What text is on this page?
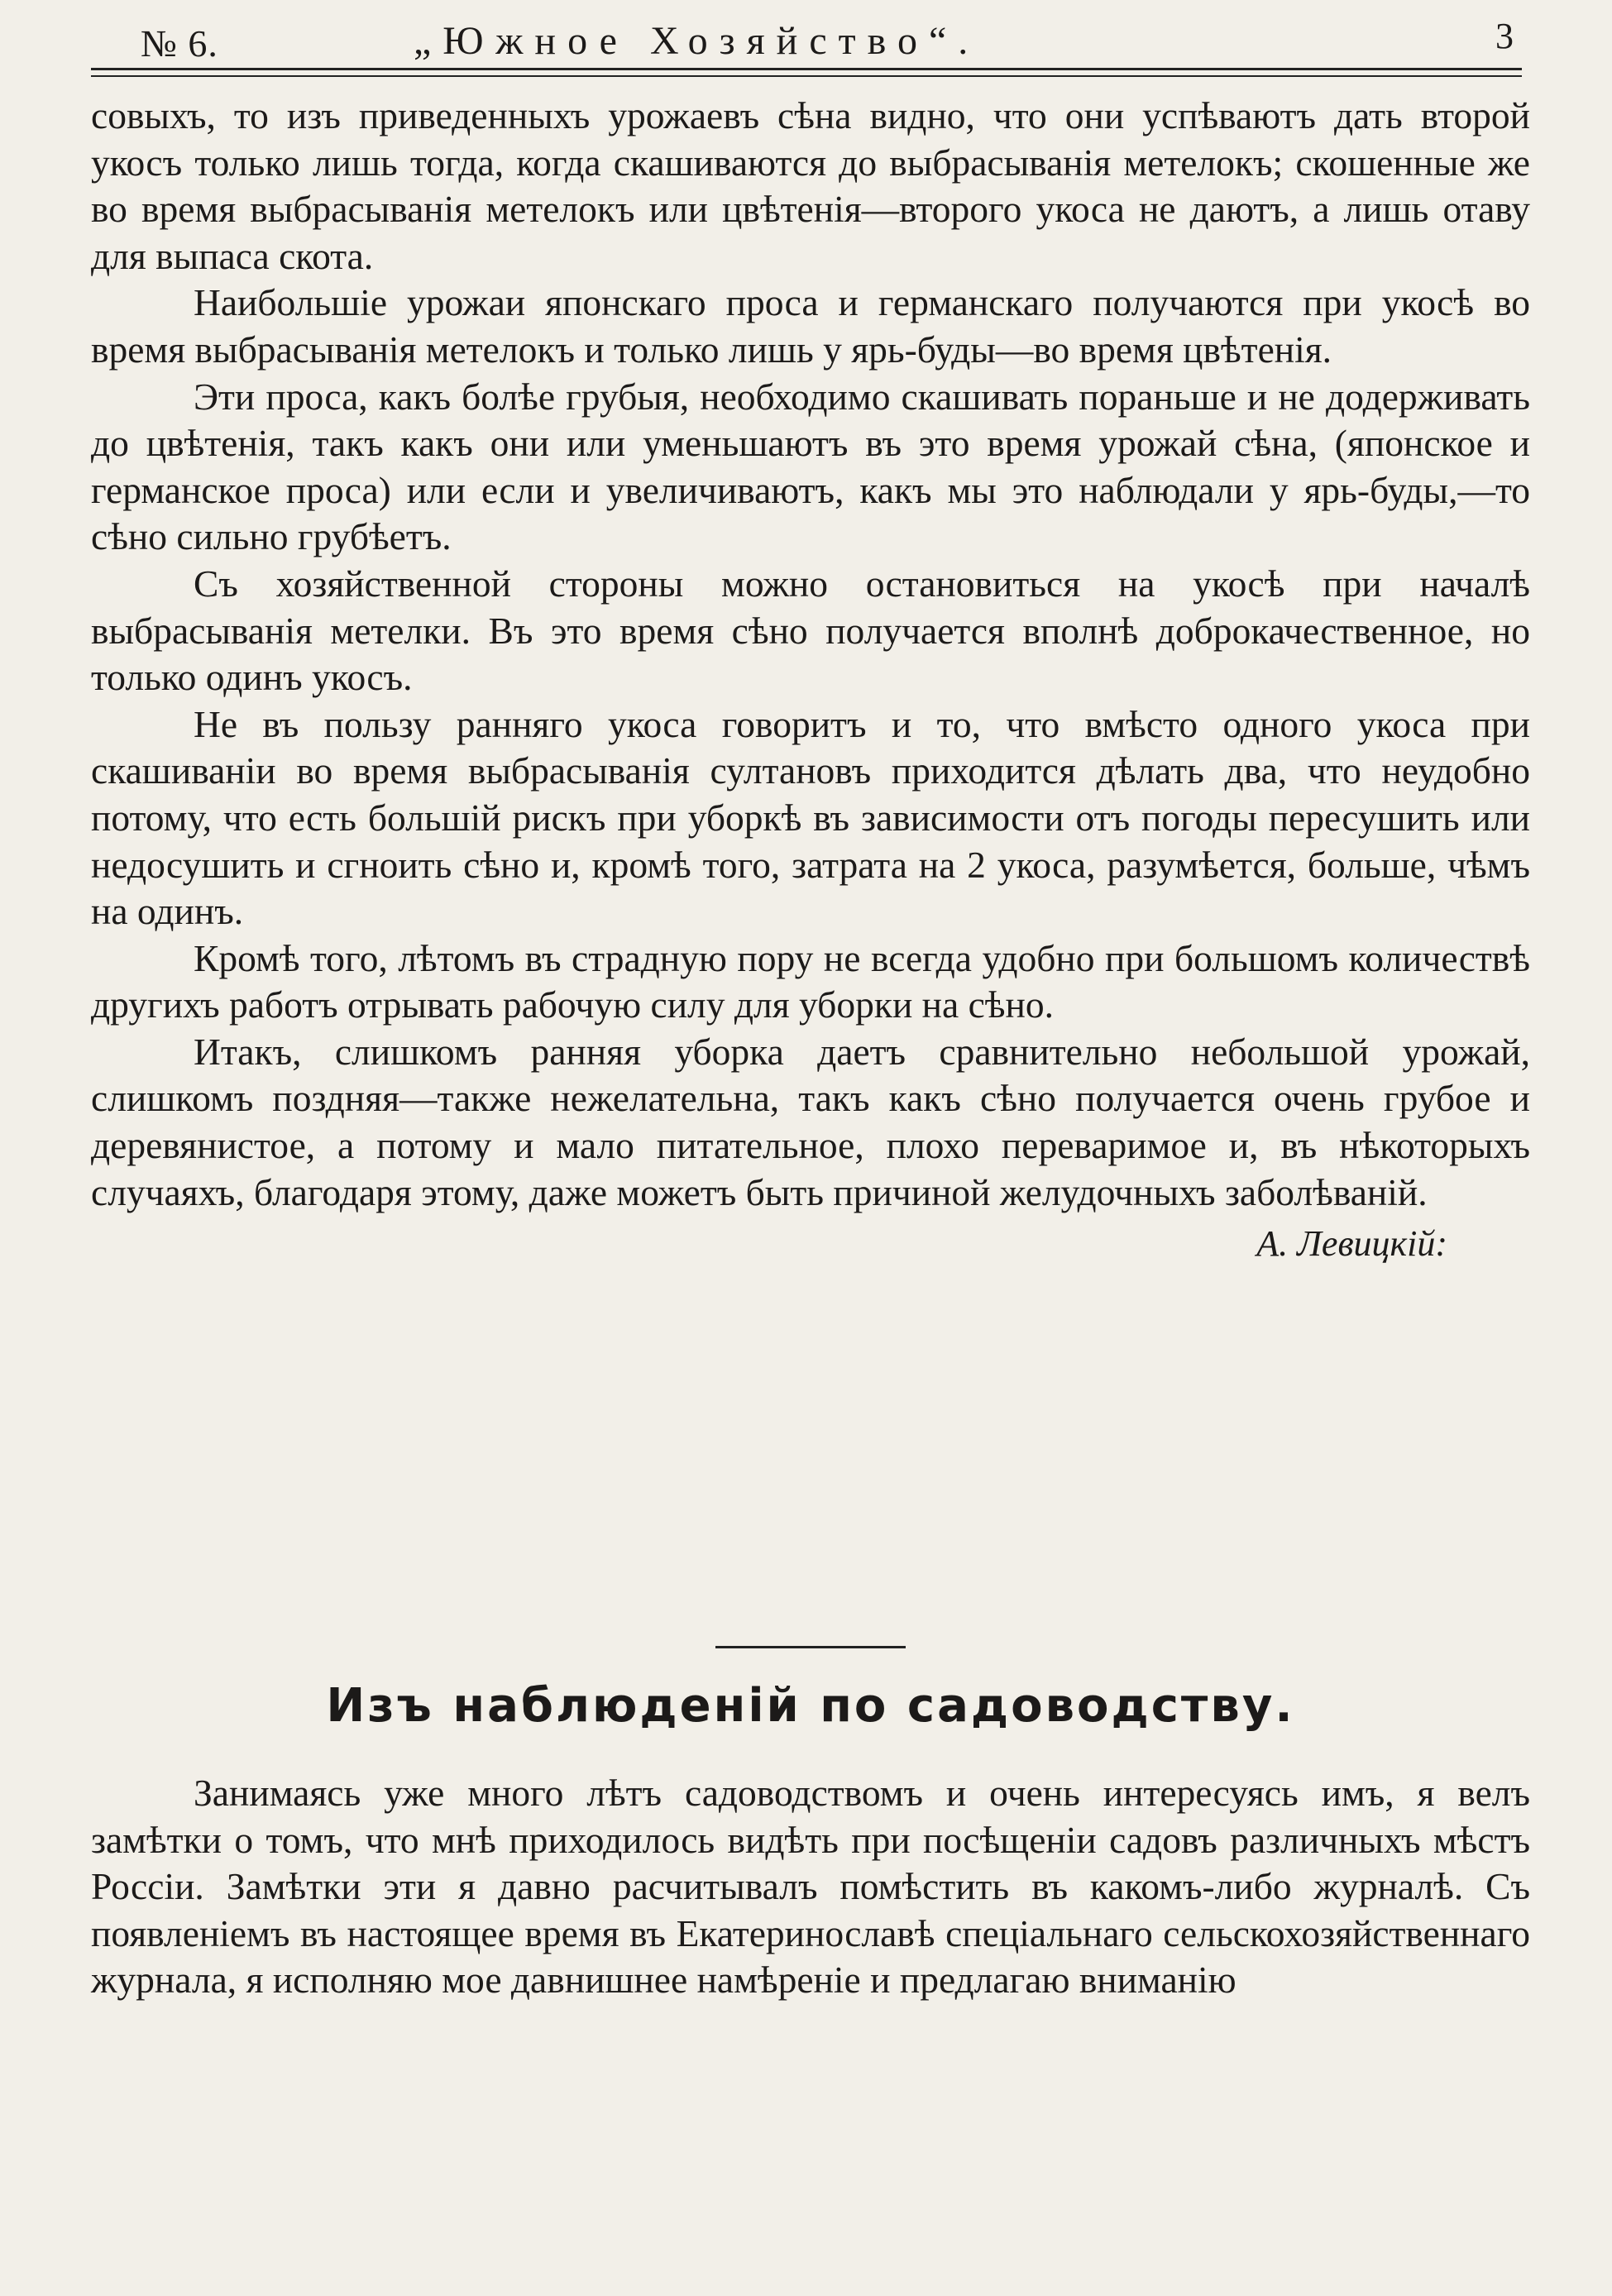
№ 6.	„Южное Хозяйство“.	3

совыхъ, то изъ приведенныхъ урожаевъ сѣна видно, что они успѣваютъ дать второй укосъ только лишь тогда, когда скашиваются до выбрасыванія метелокъ; скошенные же во время выбрасыванія метелокъ или цвѣтенія—второго укоса не даютъ, а лишь отаву для выпаса скота.

Наибольшіе урожаи японскаго проса и германскаго получаются при укосѣ во время выбрасыванія метелокъ и только лишь у ярь-буды—во время цвѣтенія.

Эти проса, какъ болѣе грубыя, необходимо скашивать пораньше и не додерживать до цвѣтенія, такъ какъ они или уменьшаютъ въ это время урожай сѣна, (японское и германское проса) или если и увеличиваютъ, какъ мы это наблюдали у ярь-буды,—то сѣно сильно грубѣетъ.

Съ хозяйственной стороны можно остановиться на укосѣ при началѣ выбрасыванія метелки. Въ это время сѣно получается вполнѣ доброкачественное, но только одинъ укосъ.

Не въ пользу ранняго укоса говоритъ и то, что вмѣсто одного укоса при скашиваніи во время выбрасыванія султановъ приходится дѣлать два, что неудобно потому, что есть большій рискъ при уборкѣ въ зависимости отъ погоды пересушить или недосушить и сгноить сѣно и, кромѣ того, затрата на 2 укоса, разумѣется, больше, чѣмъ на одинъ.

Кромѣ того, лѣтомъ въ страдную пору не всегда удобно при большомъ количествѣ другихъ работъ отрывать рабочую силу для уборки на сѣно.

Итакъ, слишкомъ ранняя уборка даетъ сравнительно небольшой урожай, слишкомъ поздняя—также нежелательна, такъ какъ сѣно получается очень грубое и деревянистое, а потому и мало питательное, плохо переваримое и, въ нѣкоторыхъ случаяхъ, благодаря этому, даже можетъ быть причиной желудочныхъ заболѣваній.

А. Левицкій:

Изъ наблюденій по садоводству.

Занимаясь уже много лѣтъ садоводствомъ и очень интересуясь имъ, я велъ замѣтки о томъ, что мнѣ приходилось видѣть при посѣщеніи садовъ различныхъ мѣстъ Россіи. Замѣтки эти я давно расчитывалъ помѣстить въ какомъ-либо журналѣ. Съ появленіемъ въ настоящее время въ Екатеринославѣ спеціальнаго сельскохозяйственнаго журнала, я исполняю мое давнишнее намѣреніе и предлагаю вниманію
